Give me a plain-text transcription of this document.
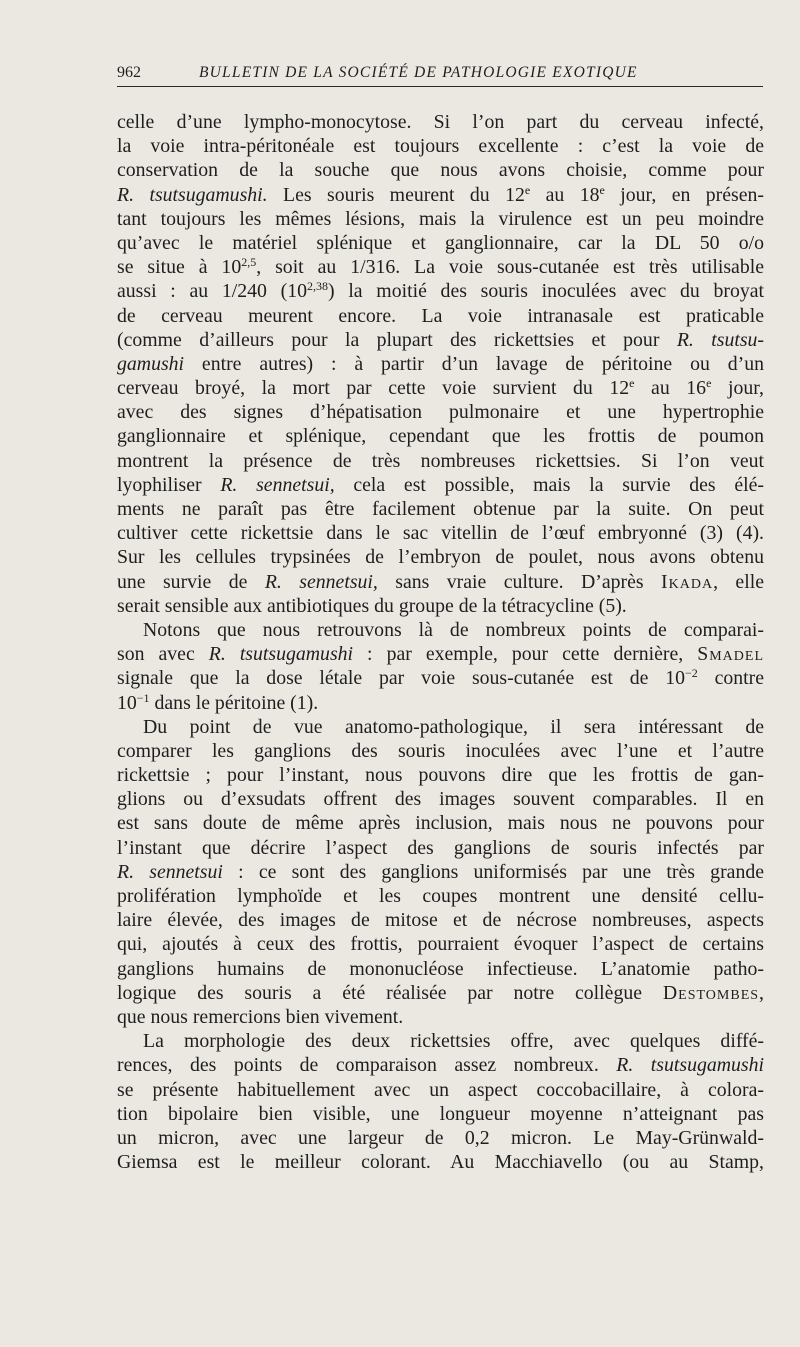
962	BULLETIN DE LA SOCIÉTÉ DE PATHOLOGIE EXOTIQUE

celle d’une lympho-monocytose. Si l’on part du cerveau infecté,
la voie intra-péritonéale est toujours excellente : c’est la voie de
conservation de la souche que nous avons choisie, comme pour
R. tsutsugamushi. Les souris meurent du 12e au 18e jour, en présen-
tant toujours les mêmes lésions, mais la virulence est un peu moindre
qu’avec le matériel splénique et ganglionnaire, car la DL 50 o/o
se situe à 10$^{2,5}$, soit au 1/316. La voie sous-cutanée est très utilisable
aussi : au 1/240 (10$^{2,38}$) la moitié des souris inoculées avec du broyat
de cerveau meurent encore. La voie intranasale est praticable
(comme d’ailleurs pour la plupart des rickettsies et pour R. tsutsu-
gamushi entre autres) : à partir d’un lavage de péritoine ou d’un
cerveau broyé, la mort par cette voie survient du 12e au 16e jour,
avec des signes d’hépatisation pulmonaire et une hypertrophie
ganglionnaire et splénique, cependant que les frottis de poumon
montrent la présence de très nombreuses rickettsies. Si l’on veut
lyophiliser R. sennetsui, cela est possible, mais la survie des élé-
ments ne paraît pas être facilement obtenue par la suite. On peut
cultiver cette rickettsie dans le sac vitellin de l’œuf embryonné (3) (4).
Sur les cellules trypsinées de l’embryon de poulet, nous avons obtenu
une survie de R. sennetsui, sans vraie culture. D’après Ikada, elle
serait sensible aux antibiotiques du groupe de la tétracycline (5).

Notons que nous retrouvons là de nombreux points de comparai-
son avec R. tsutsugamushi : par exemple, pour cette dernière, Smadel
signale que la dose létale par voie sous-cutanée est de $10^{-2}$ contre
$10^{-1}$ dans le péritoine (1).

Du point de vue anatomo-pathologique, il sera intéressant de
comparer les ganglions des souris inoculées avec l’une et l’autre
rickettsie ; pour l’instant, nous pouvons dire que les frottis de gan-
glions ou d’exsudats offrent des images souvent comparables. Il en
est sans doute de même après inclusion, mais nous ne pouvons pour
l’instant que décrire l’aspect des ganglions de souris infectés par
R. sennetsui : ce sont des ganglions uniformisés par une très grande
prolifération lymphoïde et les coupes montrent une densité cellu-
laire élevée, des images de mitose et de nécrose nombreuses, aspects
qui, ajoutés à ceux des frottis, pourraient évoquer l’aspect de certains
ganglions humains de mononucléose infectieuse. L’anatomie patho-
logique des souris a été réalisée par notre collègue Destombes,
que nous remercions bien vivement.

La morphologie des deux rickettsies offre, avec quelques diffé-
rences, des points de comparaison assez nombreux. R. tsutsugamushi
se présente habituellement avec un aspect coccobacillaire, à colora-
tion bipolaire bien visible, une longueur moyenne n’atteignant pas
un micron, avec une largeur de 0,2 micron. Le May-Grünwald-
Giemsa est le meilleur colorant. Au Macchiavello (ou au Stamp,
